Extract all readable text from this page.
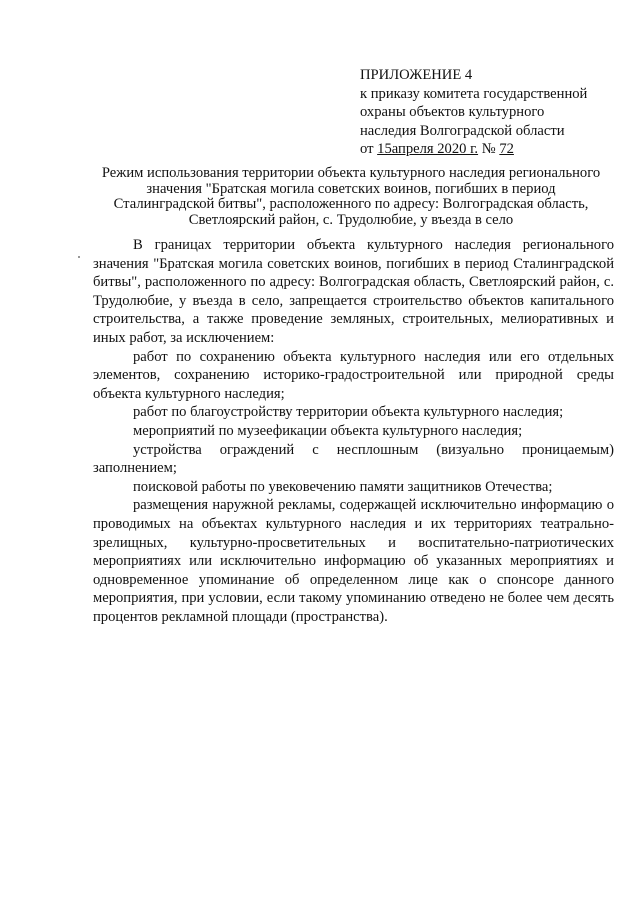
ПРИЛОЖЕНИЕ 4
к приказу комитета государственной
охраны объектов культурного
наследия Волгоградской области
от 15апреля 2020 г. № 72
Режим использования территории объекта культурного наследия регионального
значения "Братская могила советских воинов, погибших в период
Сталинградской битвы", расположенного по адресу: Волгоградская область,
Светлоярский район, с. Трудолюбие, у въезда в село

В границах территории объекта культурного наследия регионального значения "Братская могила советских воинов, погибших в период Сталинградской битвы", расположенного по адресу: Волгоградская область, Светлоярский район, с. Трудолюбие, у въезда в село, запрещается строительство объектов капитального строительства, а также проведение земляных, строительных, мелиоративных и иных работ, за исключением:

работ по сохранению объекта культурного наследия или его отдельных элементов, сохранению историко-градостроительной или природной среды объекта культурного наследия;

работ по благоустройству территории объекта культурного наследия;

мероприятий по музеефикации объекта культурного наследия;

устройства ограждений с несплошным (визуально проницаемым) заполнением;

поисковой работы по увековечению памяти защитников Отечества;

размещения наружной рекламы, содержащей исключительно информацию о проводимых на объектах культурного наследия и их территориях театрально-зрелищных, культурно-просветительных и воспитательно-патриотических мероприятиях или исключительно информацию об указанных мероприятиях и одновременное упоминание об определенном лице как о спонсоре данного мероприятия, при условии, если такому упоминанию отведено не более чем десять процентов рекламной площади (пространства).
